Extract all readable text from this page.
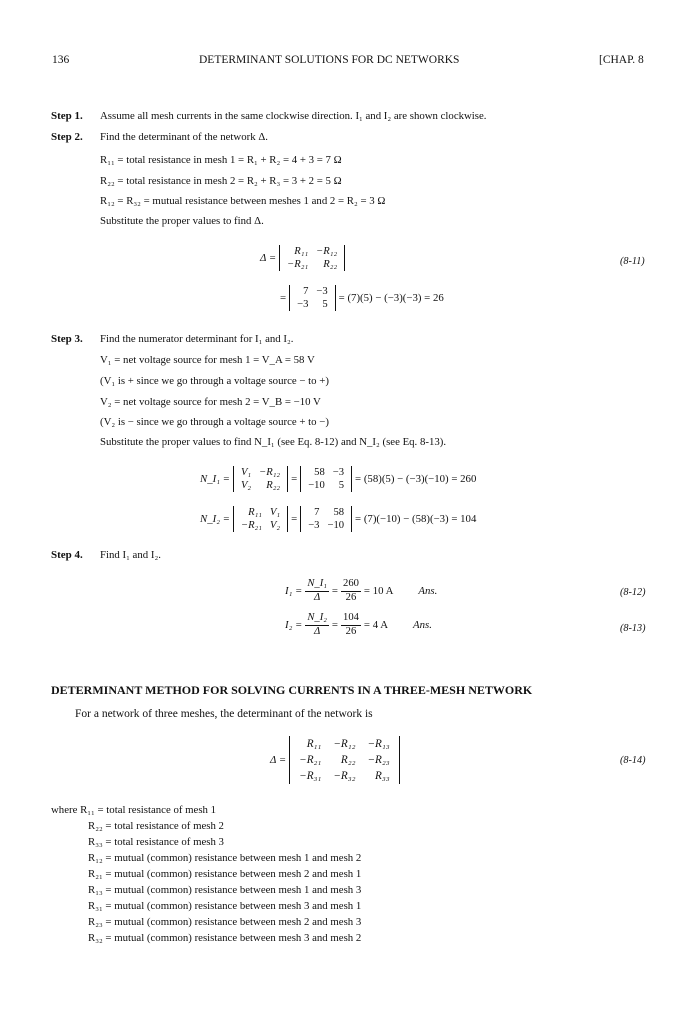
136	DETERMINANT SOLUTIONS FOR DC NETWORKS	[CHAP. 8
Step 1. Assume all mesh currents in the same clockwise direction. I₁ and I₂ are shown clockwise.
Step 2. Find the determinant of the network Δ.
R₁₁ = total resistance in mesh 1 = R₁ + R₂ = 4 + 3 = 7 Ω
R₂₂ = total resistance in mesh 2 = R₂ + R₃ = 3 + 2 = 5 Ω
R₁₂ = R₃₂ = mutual resistance between meshes 1 and 2 = R₂ = 3 Ω
Substitute the proper values to find Δ.
Δ =
R₁₁	−R₁₂
−R₂₁	R₂₂	(8-11)
=
7	−3
−3	5
= (7)(5) − (−3)(−3) = 26
Step 3. Find the numerator determinant for I₁ and I₂.
V₁ = net voltage source for mesh 1 = V_A = 58 V
(V₁ is + since we go through a voltage source − to +)
V₂ = net voltage source for mesh 2 = V_B = −10 V
(V₂ is − since we go through a voltage source + to −)
Substitute the proper values to find N_I₁ (see Eq. 8-12) and N_I₂ (see Eq. 8-13).
N_I₁ =
V₁	−R₁₂
V₂	R₂₂
=
58	−3
−10	5
= (58)(5) − (−3)(−10) = 260
N_I₂ =
R₁₁	V₁
−R₂₁	V₂
=
7	58
−3	−10
= (7)(−10) − (58)(−3) = 104
Step 4. Find I₁ and I₂.
$I_1 = \frac{\text{N\_I₁}}{\Delta} = \frac{260}{26} = 10$ A Ans.	(8-12)
$I_2 = \frac{\text{N\_I₂}}{\Delta} = \frac{104}{26} = 4$ A Ans.	(8-13)
DETERMINANT METHOD FOR SOLVING CURRENTS IN A THREE-MESH NETWORK
For a network of three meshes, the determinant of the network is
Δ =
R₁₁	−R₁₂	−R₁₃
−R₂₁	R₂₂	−R₂₃
−R₃₁	−R₃₂	R₃₃
(8-14)
where R₁₁ = total resistance of mesh 1
R₂₂ = total resistance of mesh 2
R₃₃ = total resistance of mesh 3
R₁₂ = mutual (common) resistance between mesh 1 and mesh 2
R₂₁ = mutual (common) resistance between mesh 2 and mesh 1
R₁₃ = mutual (common) resistance between mesh 1 and mesh 3
R₃₁ = mutual (common) resistance between mesh 3 and mesh 1
R₂₃ = mutual (common) resistance between mesh 2 and mesh 3
R₃₂ = mutual (common) resistance between mesh 3 and mesh 2
